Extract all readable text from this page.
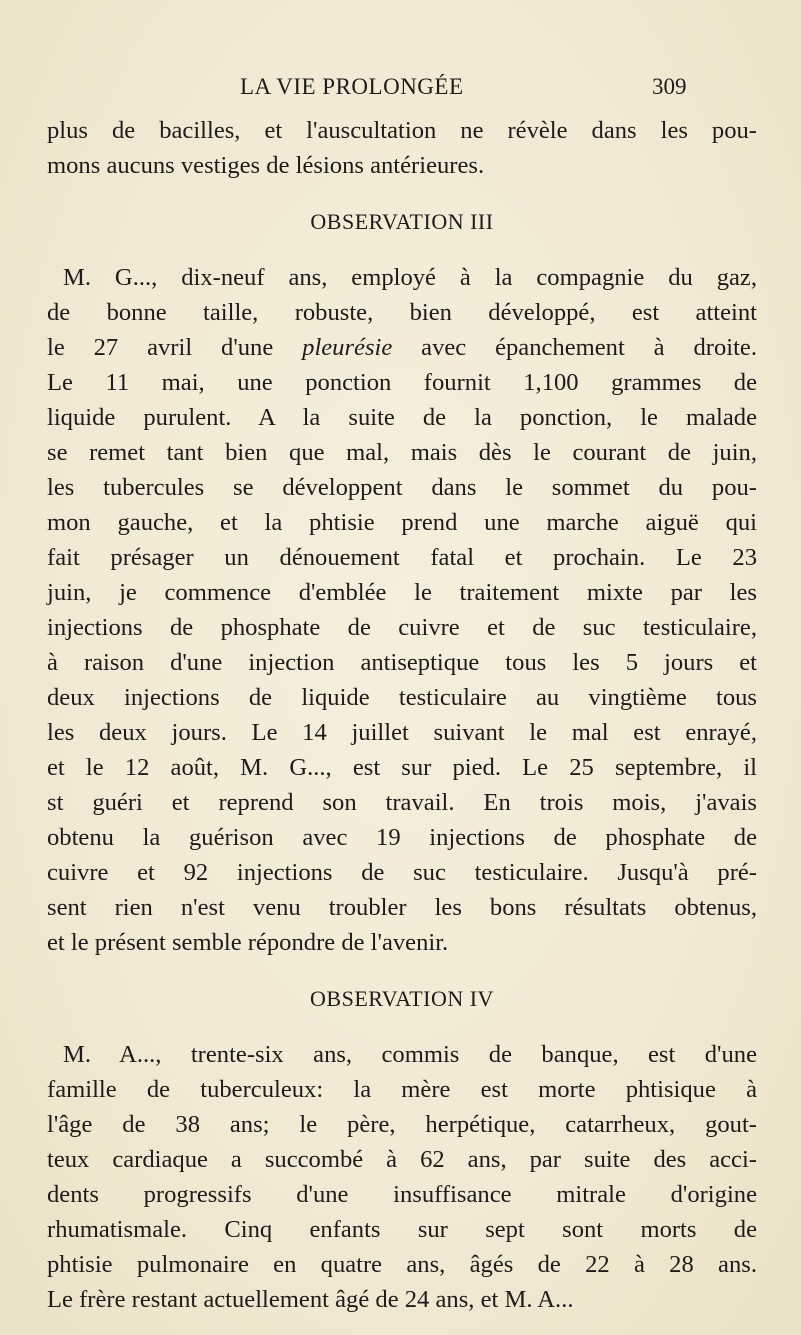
LA VIE PROLONGÉE	309
plus de bacilles, et l'auscultation ne révèle dans les pou-
mons aucuns vestiges de lésions antérieures.
OBSERVATION III
M. G..., dix-neuf ans, employé à la compagnie du gaz,
de bonne taille, robuste, bien développé, est atteint
le 27 avril d'une pleurésie avec épanchement à droite.
Le 11 mai, une ponction fournit 1,100 grammes de
liquide purulent. A la suite de la ponction, le malade
se remet tant bien que mal, mais dès le courant de juin,
les tubercules se développent dans le sommet du pou-
mon gauche, et la phtisie prend une marche aiguë qui
fait présager un dénouement fatal et prochain. Le 23
juin, je commence d'emblée le traitement mixte par les
injections de phosphate de cuivre et de suc testiculaire,
à raison d'une injection antiseptique tous les 5 jours et
deux injections de liquide testiculaire au vingtième tous
les deux jours. Le 14 juillet suivant le mal est enrayé,
et le 12 août, M. G..., est sur pied. Le 25 septembre, il
st guéri et reprend son travail. En trois mois, j'avais
obtenu la guérison avec 19 injections de phosphate de
cuivre et 92 injections de suc testiculaire. Jusqu'à pré-
sent rien n'est venu troubler les bons résultats obtenus,
et le présent semble répondre de l'avenir.
OBSERVATION IV
M. A..., trente-six ans, commis de banque, est d'une
famille de tuberculeux: la mère est morte phtisique à
l'âge de 38 ans; le père, herpétique, catarrheux, gout-
teux cardiaque a succombé à 62 ans, par suite des acci-
dents progressifs d'une insuffisance mitrale d'origine
rhumatismale. Cinq enfants sur sept sont morts de
phtisie pulmonaire en quatre ans, âgés de 22 à 28 ans.
Le frère restant actuellement âgé de 24 ans, et M. A...
